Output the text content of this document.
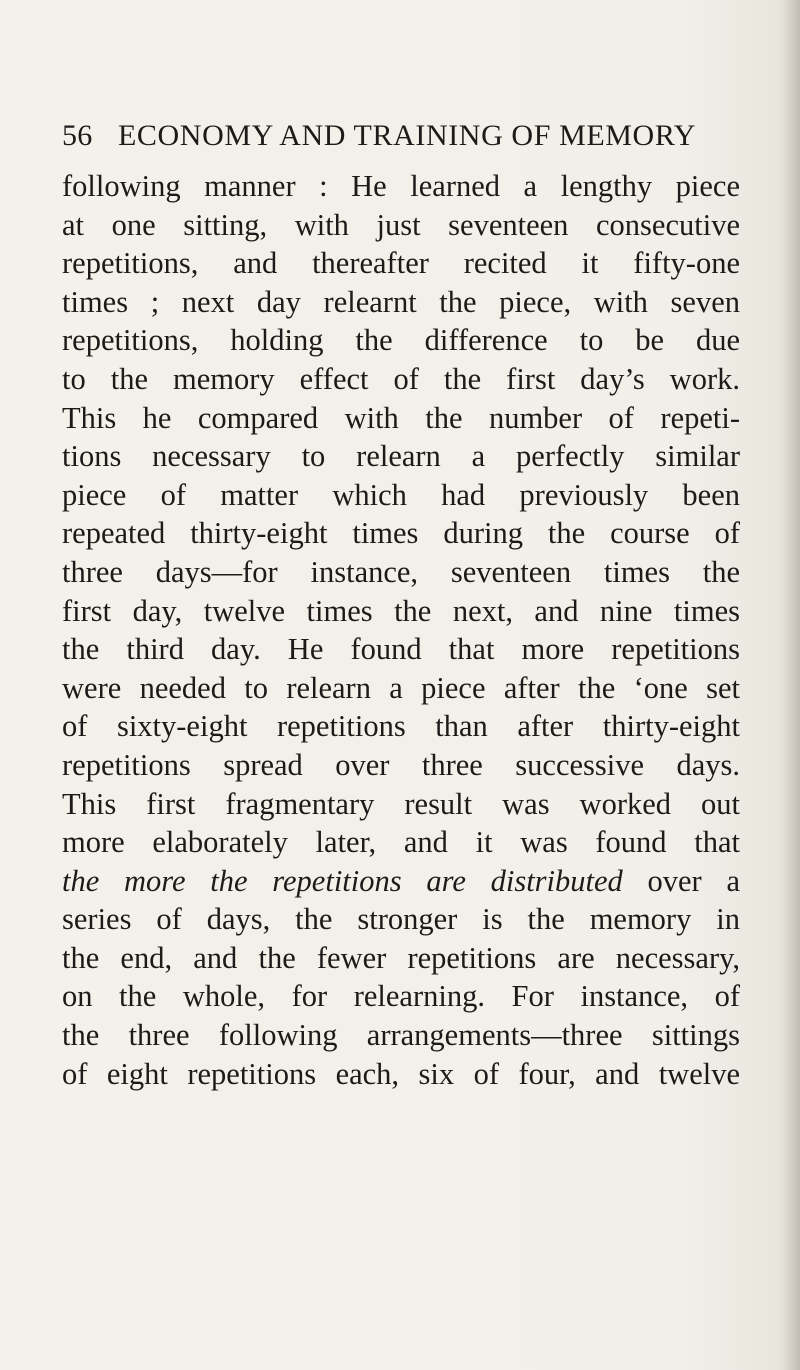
56 ECONOMY AND TRAINING OF MEMORY
following manner : He learned a lengthy piece
at one sitting, with just seventeen consecutive
repetitions, and thereafter recited it fifty-one
times ; next day relearnt the piece, with seven
repetitions, holding the difference to be due
to the memory effect of the first day’s work.
This he compared with the number of repeti-
tions necessary to relearn a perfectly similar
piece of matter which had previously been
repeated thirty-eight times during the course of
three days—for instance, seventeen times the
first day, twelve times the next, and nine times
the third day. He found that more repetitions
were needed to relearn a piece after the ‘one set
of sixty-eight repetitions than after thirty-eight
repetitions spread over three successive days.
This first fragmentary result was worked out
more elaborately later, and it was found that
the more the repetitions are distributed over a
series of days, the stronger is the memory in
the end, and the fewer repetitions are necessary,
on the whole, for relearning. For instance, of
the three following arrangements—three sittings
of eight repetitions each, six of four, and twelve
